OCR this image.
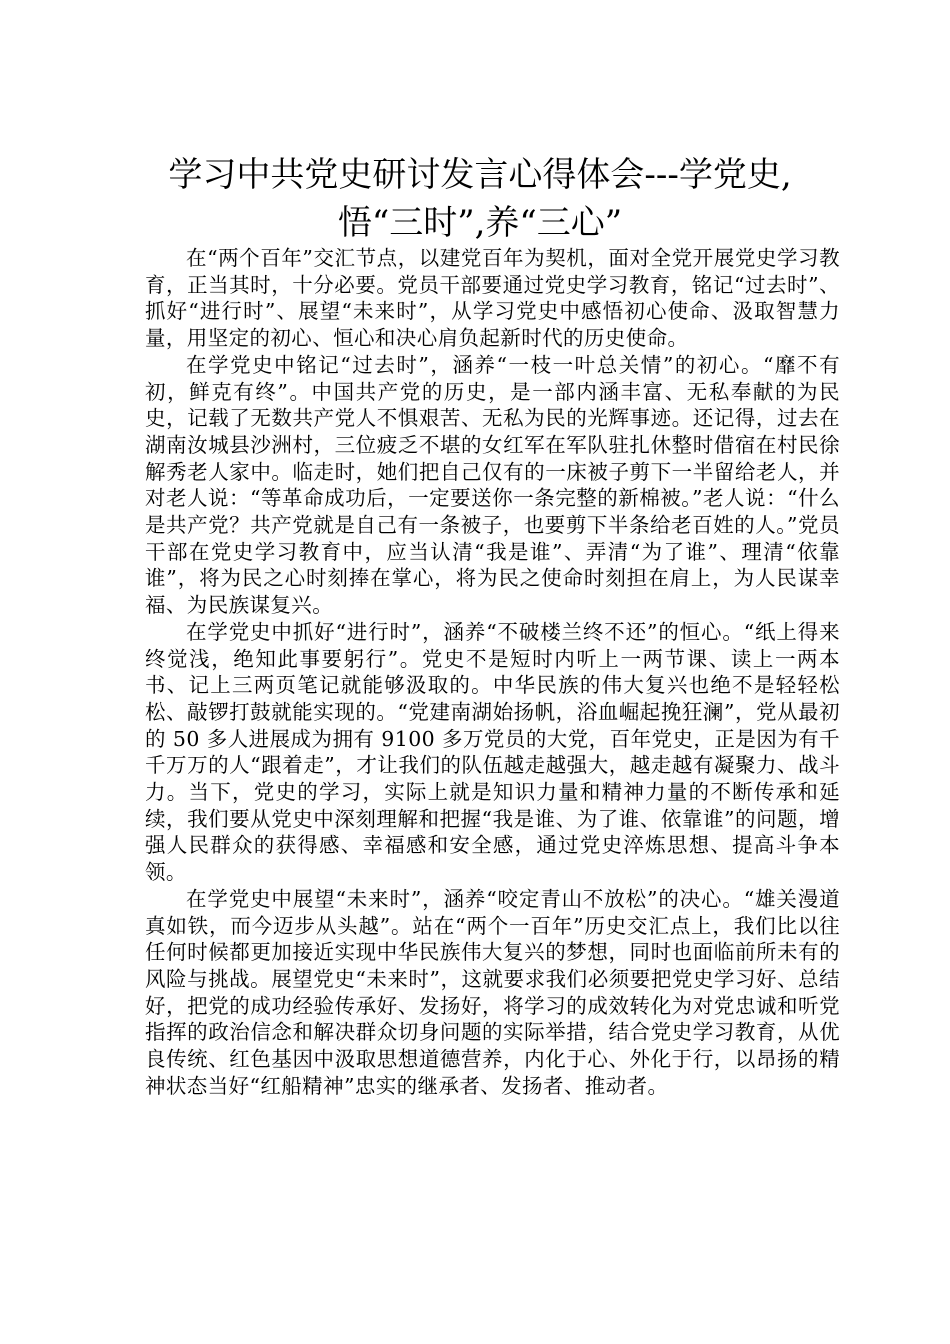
学习中共党史研讨发言心得体会---学党史,
悟“三时”,养“三心”

在“两个百年”交汇节点，以建党百年为契机，面对全党开展党史学习教育，正当其时，十分必要。党员干部要通过党史学习教育，铭记“过去时”、抓好“进行时”、展望“未来时”，从学习党史中感悟初心使命、汲取智慧力量，用坚定的初心、恒心和决心肩负起新时代的历史使命。

在学党史中铭记“过去时”，涵养“一枝一叶总关情”的初心。“靡不有初，鲜克有终”。中国共产党的历史，是一部内涵丰富、无私奉献的为民史，记载了无数共产党人不惧艰苦、无私为民的光辉事迹。还记得，过去在湖南汝城县沙洲村，三位疲乏不堪的女红军在军队驻扎休整时借宿在村民徐解秀老人家中。临走时，她们把自己仅有的一床被子剪下一半留给老人，并对老人说：“等革命成功后，一定要送你一条完整的新棉被。”老人说：“什么是共产党？共产党就是自己有一条被子，也要剪下半条给老百姓的人。”党员干部在党史学习教育中，应当认清“我是谁”、弄清“为了谁”、理清“依靠谁”，将为民之心时刻捧在掌心，将为民之使命时刻担在肩上，为人民谋幸福、为民族谋复兴。

在学党史中抓好“进行时”，涵养“不破楼兰终不还”的恒心。“纸上得来终觉浅，绝知此事要躬行”。党史不是短时内听上一两节课、读上一两本书、记上三两页笔记就能够汲取的。中华民族的伟大复兴也绝不是轻轻松松、敲锣打鼓就能实现的。“党建南湖始扬帆，浴血崛起挽狂澜”，党从最初的 50 多人进展成为拥有 9100 多万党员的大党，百年党史，正是因为有千千万万的人“跟着走”，才让我们的队伍越走越强大，越走越有凝聚力、战斗力。当下，党史的学习，实际上就是知识力量和精神力量的不断传承和延续，我们要从党史中深刻理解和把握“我是谁、为了谁、依靠谁”的问题，增强人民群众的获得感、幸福感和安全感，通过党史淬炼思想、提高斗争本领。

在学党史中展望“未来时”，涵养“咬定青山不放松”的决心。“雄关漫道真如铁，而今迈步从头越”。站在“两个一百年”历史交汇点上，我们比以往任何时候都更加接近实现中华民族伟大复兴的梦想，同时也面临前所未有的风险与挑战。展望党史“未来时”，这就要求我们必须要把党史学习好、总结好，把党的成功经验传承好、发扬好，将学习的成效转化为对党忠诚和听党指挥的政治信念和解决群众切身问题的实际举措，结合党史学习教育，从优良传统、红色基因中汲取思想道德营养，内化于心、外化于行，以昂扬的精神状态当好“红船精神”忠实的继承者、发扬者、推动者。
